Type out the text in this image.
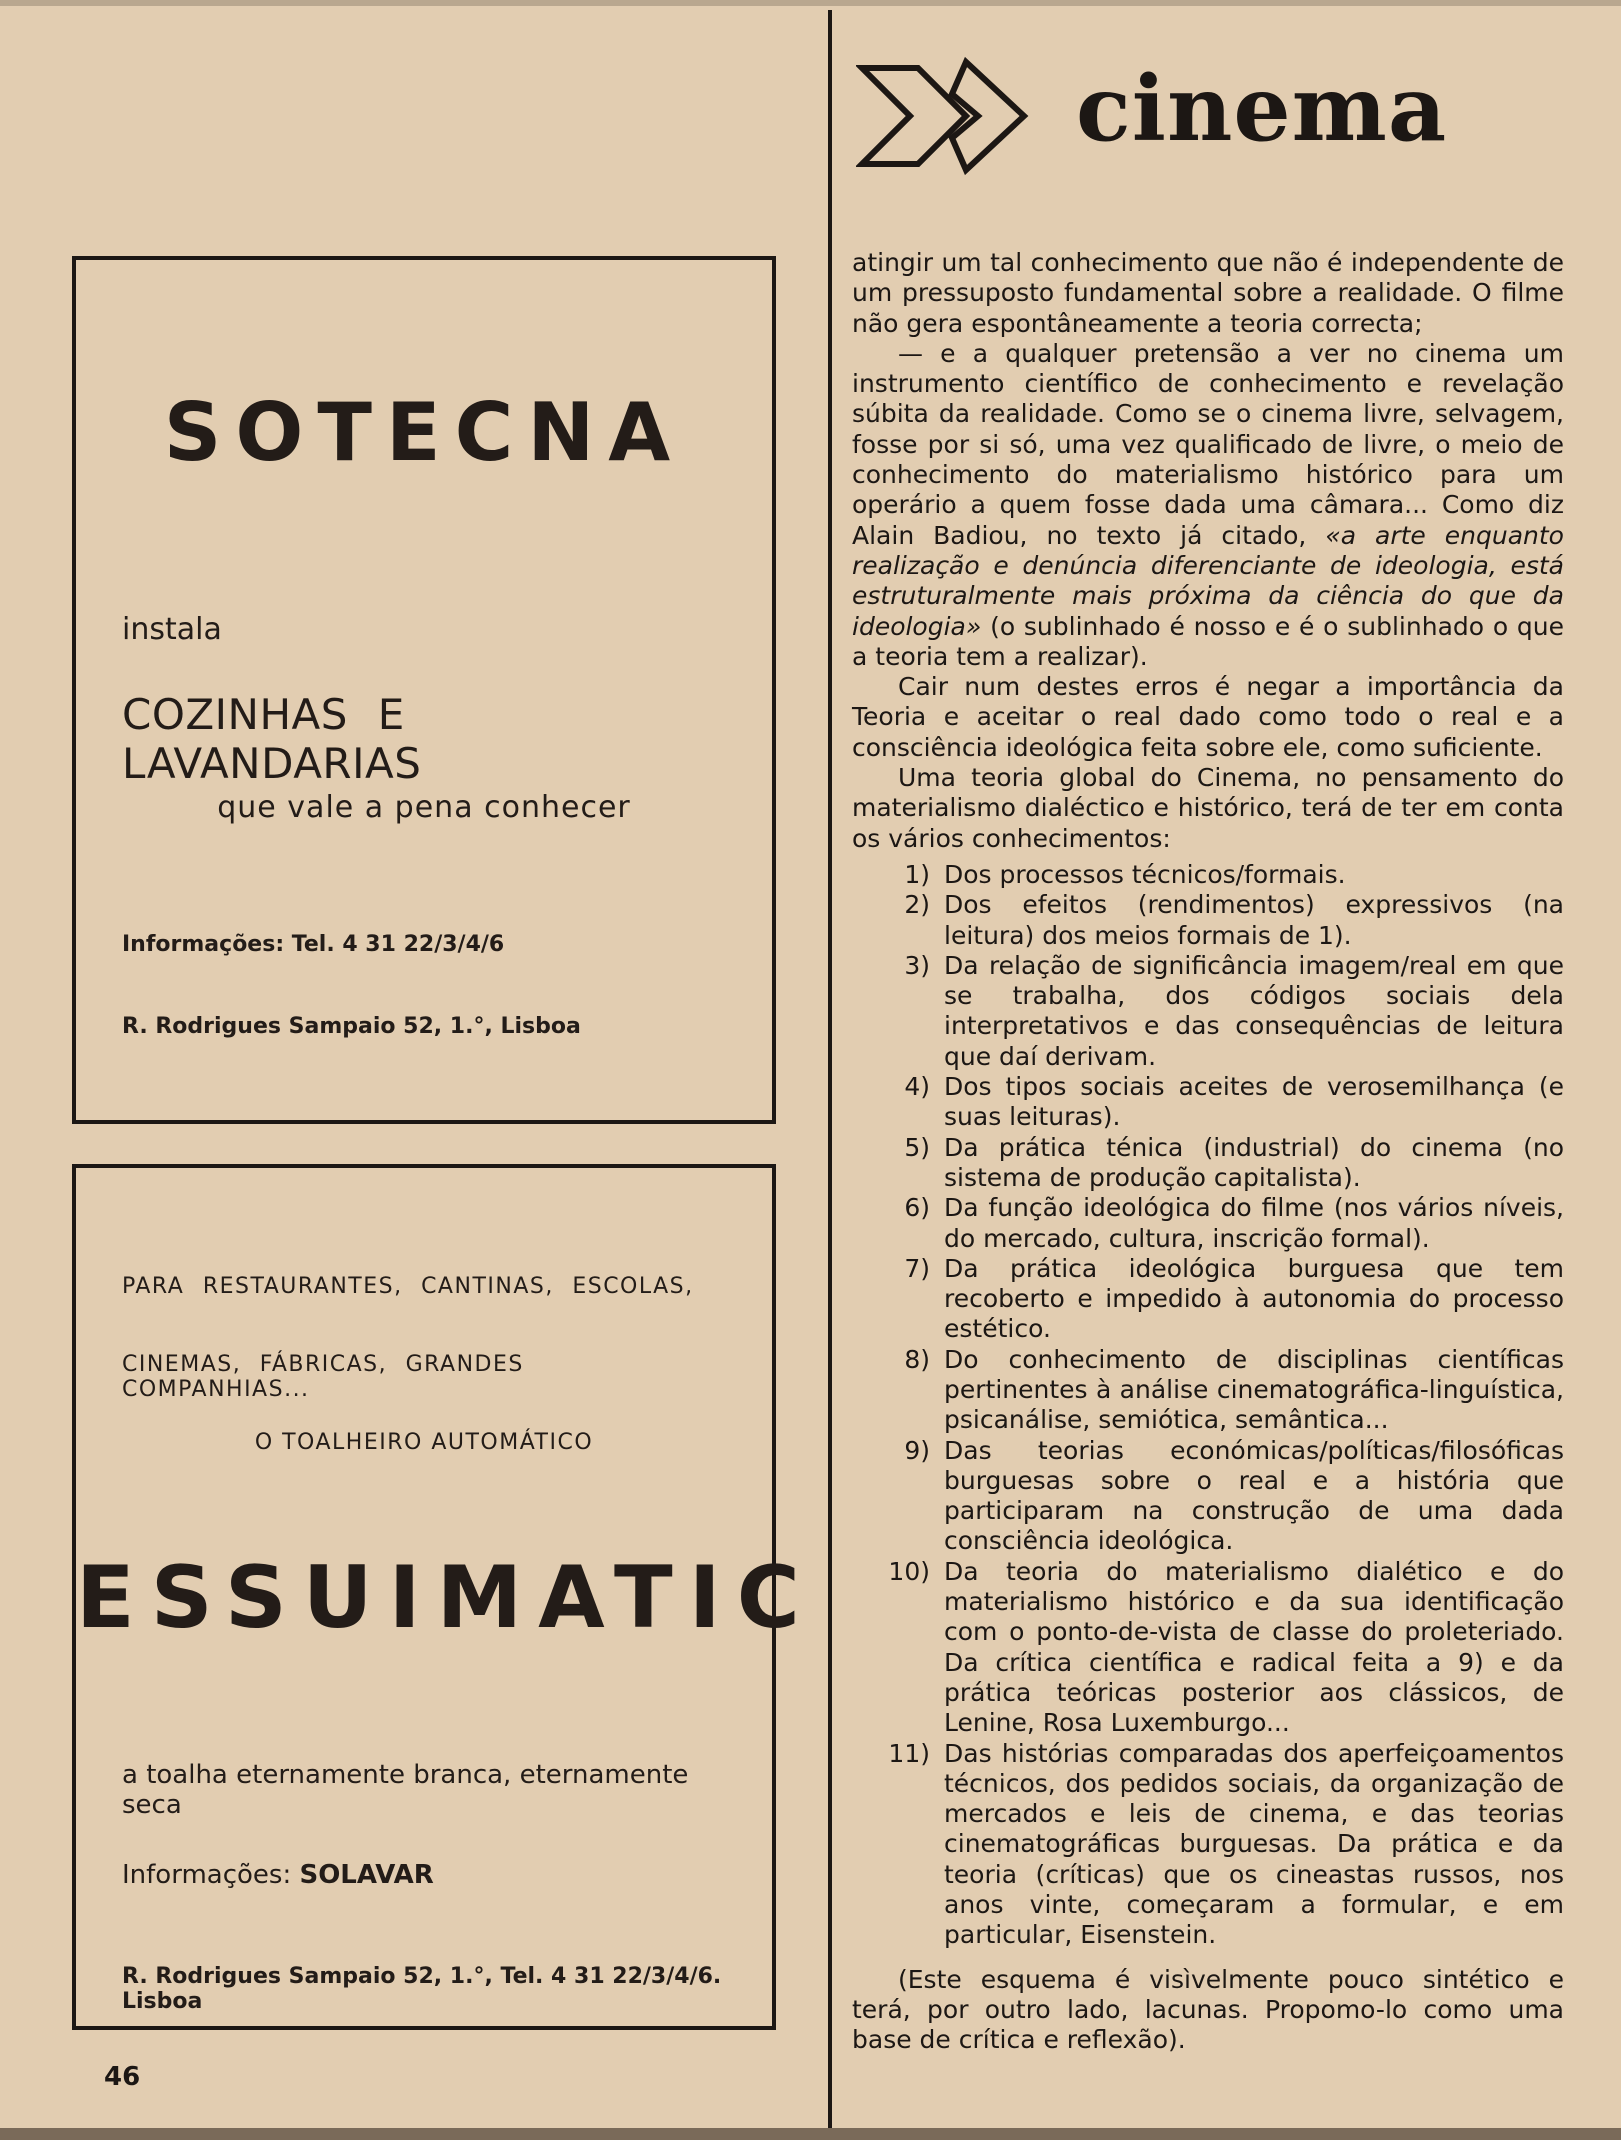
SOTECNA
instala
COZINHAS E LAVANDARIAS
que vale a pena conhecer
Informações: Tel. 4 31 22/3/4/6
R. Rodrigues Sampaio 52, 1.°, Lisboa
PARA RESTAURANTES, CANTINAS, ESCOLAS,
CINEMAS, FÁBRICAS, GRANDES COMPANHIAS...
O TOALHEIRO AUTOMÁTICO
ESSUIMATIC
a toalha eternamente branca, eternamente seca
Informações: SOLAVAR
R. Rodrigues Sampaio 52, 1.°, Tel. 4 31 22/3/4/6. Lisboa
46
cinema

atingir um tal conhecimento que não é independente de um pressuposto fundamental sobre a realidade. O filme não gera espontâneamente a teoria correcta;

— e a qualquer pretensão a ver no cinema um instrumento científico de conhecimento e revelação súbita da realidade. Como se o cinema livre, selvagem, fosse por si só, uma vez qualificado de livre, o meio de conhecimento do materialismo histórico para um operário a quem fosse dada uma câmara... Como diz Alain Badiou, no texto já citado, «a arte enquanto realização e denúncia diferenciante de ideologia, está estruturalmente mais próxima da ciência do que da ideologia» (o sublinhado é nosso e é o sublinhado o que a teoria tem a realizar).

Cair num destes erros é negar a importância da Teoria e aceitar o real dado como todo o real e a consciência ideológica feita sobre ele, como suficiente.

Uma teoria global do Cinema, no pensamento do materialismo dialéctico e histórico, terá de ter em conta os vários conhecimentos:

1) Dos processos técnicos/formais.
2) Dos efeitos (rendimentos) expressivos (na leitura) dos meios formais de 1).
3) Da relação de significância imagem/real em que se trabalha, dos códigos sociais dela interpretativos e das consequências de leitura que daí derivam.
4) Dos tipos sociais aceites de verosemilhança (e suas leituras).
5) Da prática ténica (industrial) do cinema (no sistema de produção capitalista).
6) Da função ideológica do filme (nos vários níveis, do mercado, cultura, inscrição formal).
7) Da prática ideológica burguesa que tem recoberto e impedido à autonomia do processo estético.
8) Do conhecimento de disciplinas científicas pertinentes à análise cinematográfica-linguística, psicanálise, semiótica, semântica...
9) Das teorias económicas/políticas/filosóficas burguesas sobre o real e a história que participaram na construção de uma dada consciência ideológica.
10) Da teoria do materialismo dialético e do materialismo histórico e da sua identificação com o ponto-de-vista de classe do proleteriado. Da crítica científica e radical feita a 9) e da prática teóricas posterior aos clássicos, de Lenine, Rosa Luxemburgo...
11) Das histórias comparadas dos aperfeiçoamentos técnicos, dos pedidos sociais, da organização de mercados e leis de cinema, e das teorias cinematográficas burguesas. Da prática e da teoria (críticas) que os cineastas russos, nos anos vinte, começaram a formular, e em particular, Eisenstein.

(Este esquema é visìvelmente pouco sintético e terá, por outro lado, lacunas. Propomo-lo como uma base de crítica e reflexão).
